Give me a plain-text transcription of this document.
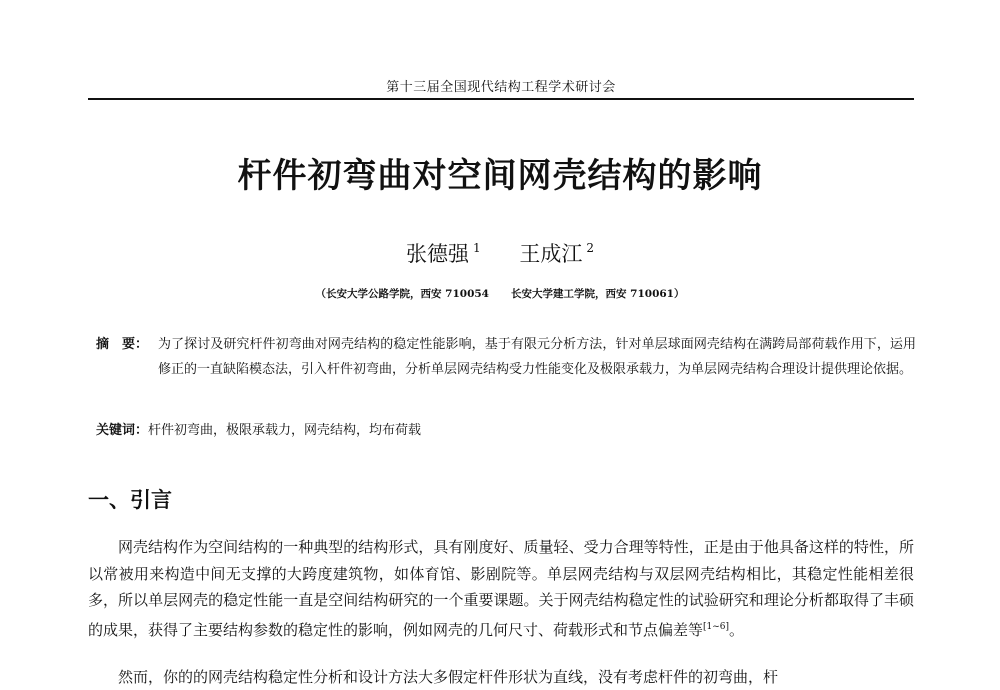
第十三届全国现代结构工程学术研讨会
杆件初弯曲对空间网壳结构的影响
张德强 $^1$ 王成江 $^2$
（长安大学公路学院，西安 710054 长安大学建工学院，西安 710061）
摘　要： 为了探讨及研究杆件初弯曲对网壳结构的稳定性能影响，基于有限元分析方法，针对单层球面网壳结构在满跨局部荷载作用下，运用修正的一直缺陷模态法，引入杆件初弯曲，分析单层网壳结构受力性能变化及极限承载力，为单层网壳结构合理设计提供理论依据。
关键词：杆件初弯曲，极限承载力，网壳结构，均布荷载
一、引言
网壳结构作为空间结构的一种典型的结构形式，具有刚度好、质量轻、受力合理等特性，正是由于他具备这样的特性，所以常被用来构造中间无支撑的大跨度建筑物，如体育馆、影剧院等。单层网壳结构与双层网壳结构相比，其稳定性能相差很多，所以单层网壳的稳定性能一直是空间结构研究的一个重要课题。关于网壳结构稳定性的试验研究和理论分析都取得了丰硕的成果，获得了主要结构参数的稳定性的影响，例如网壳的几何尺寸、荷载形式和节点偏差等[1~6]。
然而，你的的网壳结构稳定性分析和设计方法大多假定杆件形状为直线，没有考虑杆件的初弯曲，杆
